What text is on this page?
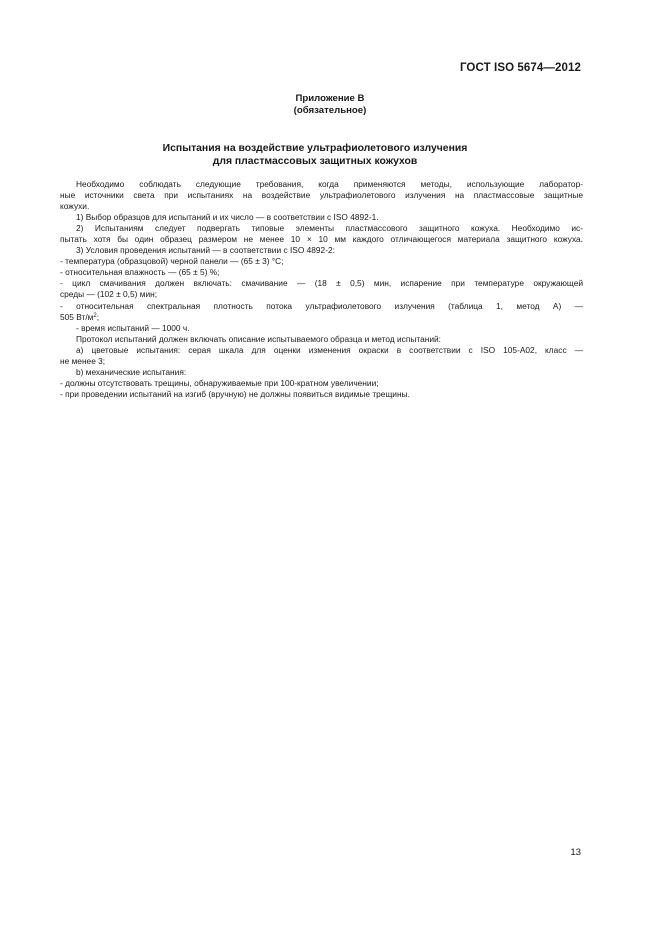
ГОСТ ISO 5674—2012
Приложение В
(обязательное)
Испытания на воздействие ультрафиолетового излучения
для пластмассовых защитных кожухов

Необходимо соблюдать следующие требования, когда применяются методы, использующие лаборатор-

ные источники света при испытаниях на воздействие ультрафиолетового излучения на пластмассовые защитные

кожухи.

1) Выбор образцов для испытаний и их число — в соответствии с ISO 4892-1.

2) Испытаниям следует подвергать типовые элементы пластмассового защитного кожуха. Необходимо ис-

пытать хотя бы один образец размером не менее 10 × 10 мм каждого отличающегося материала защитного кожуха.

3) Условия проведения испытаний — в соответствии с ISO 4892-2:

- температура (образцовой) черной панели — (65 ± 3) °С;

- относительная влажность — (65 ± 5) %;

- цикл смачивания должен включать: смачивание — (18 ± 0,5) мин, испарение при температуре окружающей

среды — (102 ± 0,5) мин;

- относительная спектральная плотность потока ультрафиолетового излучения (таблица 1, метод А) —

505 $Вт/м^2$;

- время испытаний — 1000 ч.

Протокол испытаний должен включать описание испытываемого образца и метод испытаний:

а) цветовые испытания: серая шкала для оценки изменения окраски в соответствии с ISO 105-A02, класс —

не менее 3;

b) механические испытания:

- должны отсутствовать трещины, обнаруживаемые при 100-кратном увеличении;

- при проведении испытаний на изгиб (вручную) не должны появиться видимые трещины.

13
